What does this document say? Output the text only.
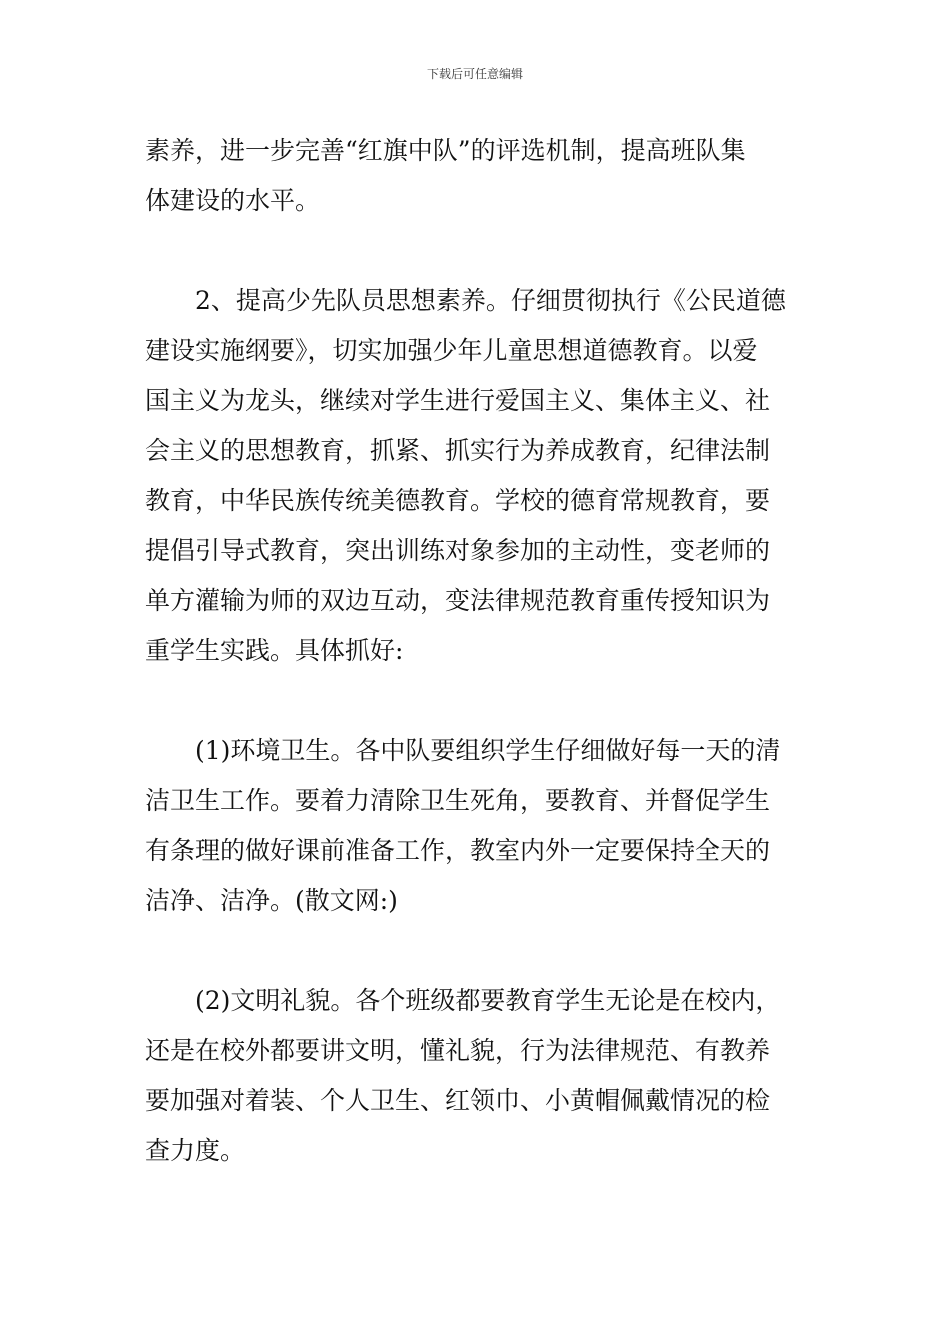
下载后可任意编辑
素养，进一步完善“红旗中队”的评选机制，提高班队集
体建设的水平。
2、提高少先队员思想素养。仔细贯彻执行《公民道德
建设实施纲要》，切实加强少年儿童思想道德教育。以爱
国主义为龙头，继续对学生进行爱国主义、集体主义、社
会主义的思想教育，抓紧、抓实行为养成教育，纪律法制
教育，中华民族传统美德教育。学校的德育常规教育，要
提倡引导式教育，突出训练对象参加的主动性，变老师的
单方灌输为师的双边互动，变法律规范教育重传授知识为
重学生实践。具体抓好:
(1)环境卫生。各中队要组织学生仔细做好每一天的清
洁卫生工作。要着力清除卫生死角，要教育、并督促学生
有条理的做好课前准备工作，教室内外一定要保持全天的
洁净、洁净。(散文网:)
(2)文明礼貌。各个班级都要教育学生无论是在校内，
还是在校外都要讲文明，懂礼貌，行为法律规范、有教养
要加强对着装、个人卫生、红领巾、小黄帽佩戴情况的检
查力度。
